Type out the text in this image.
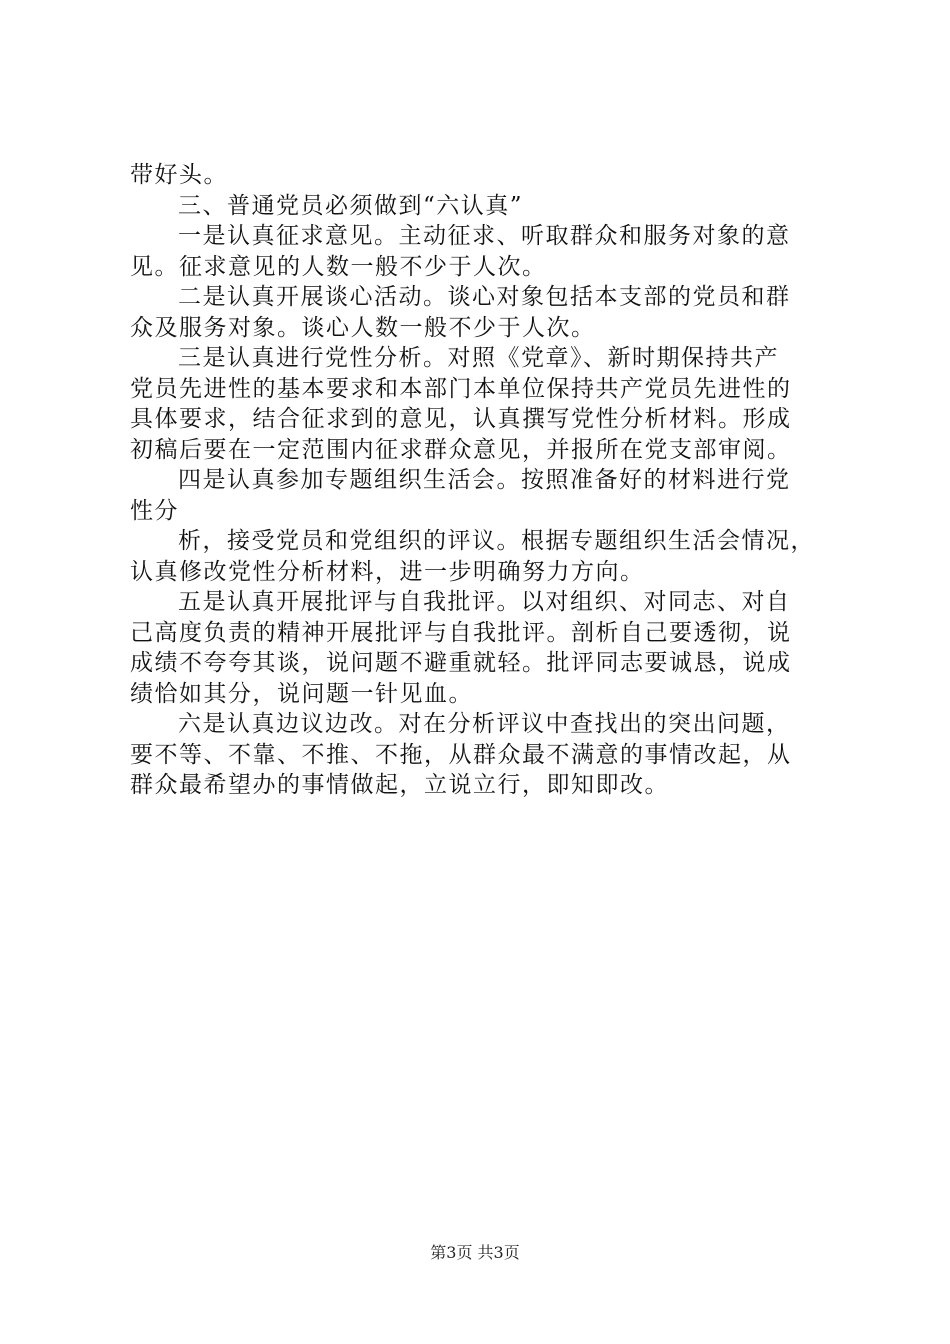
带好头。
三、普通党员必须做到“六认真”
一是认真征求意见。主动征求、听取群众和服务对象的意
见。征求意见的人数一般不少于人次。
二是认真开展谈心活动。谈心对象包括本支部的党员和群
众及服务对象。谈心人数一般不少于人次。
三是认真进行党性分析。对照《党章》、新时期保持共产
党员先进性的基本要求和本部门本单位保持共产党员先进性的
具体要求，结合征求到的意见，认真撰写党性分析材料。形成
初稿后要在一定范围内征求群众意见，并报所在党支部审阅。
四是认真参加专题组织生活会。按照准备好的材料进行党
性分
析，接受党员和党组织的评议。根据专题组织生活会情况，
认真修改党性分析材料，进一步明确努力方向。
五是认真开展批评与自我批评。以对组织、对同志、对自
己高度负责的精神开展批评与自我批评。剖析自己要透彻，说
成绩不夸夸其谈，说问题不避重就轻。批评同志要诚恳，说成
绩恰如其分，说问题一针见血。
六是认真边议边改。对在分析评议中查找出的突出问题，
要不等、不靠、不推、不拖，从群众最不满意的事情改起，从
群众最希望办的事情做起，立说立行，即知即改。
第3页 共3页
